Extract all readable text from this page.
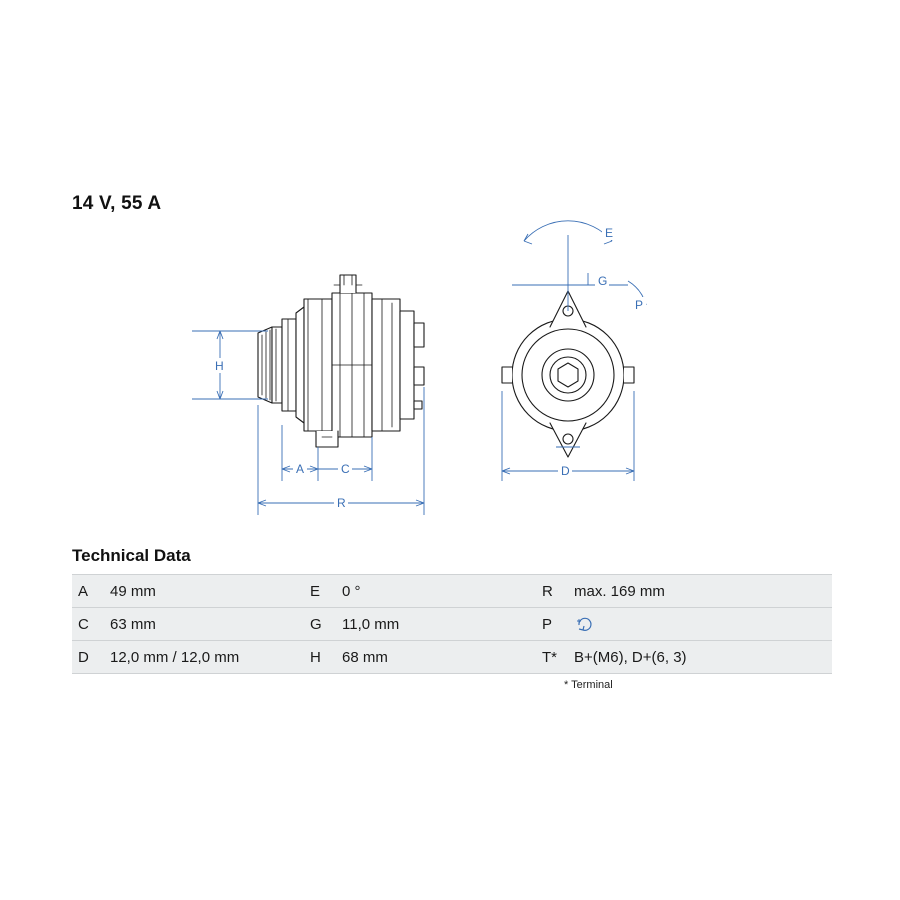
14 V, 55 A
H
A	C
R
E
G
P
D
Technical Data
A	49 mm	E	0 °	R	max. 169 mm
C	63 mm	G	11,0 mm	P	
D	12,0 mm / 12,0 mm	H	68 mm	T*	B+(M6), D+(6, 3)
* Terminal
